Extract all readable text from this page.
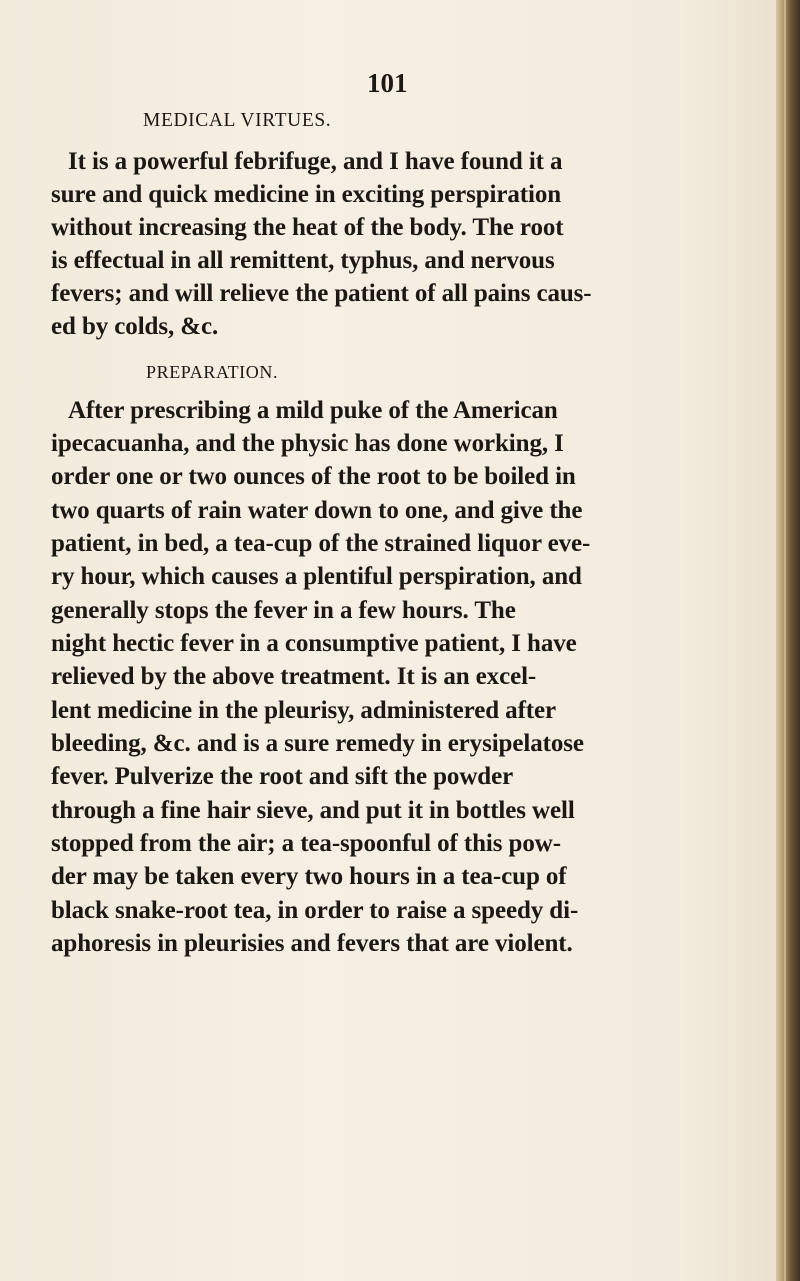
101
MEDICAL VIRTUES.
It is a powerful febrifuge, and I have found it a
sure and quick medicine in exciting perspiration
without increasing the heat of the body. The root
is effectual in all remittent, typhus, and nervous
fevers; and will relieve the patient of all pains caus-
ed by colds, &c.
PREPARATION.
After prescribing a mild puke of the American
ipecacuanha, and the physic has done working, I
order one or two ounces of the root to be boiled in
two quarts of rain water down to one, and give the
patient, in bed, a tea-cup of the strained liquor eve-
ry hour, which causes a plentiful perspiration, and
generally stops the fever in a few hours. The
night hectic fever in a consumptive patient, I have
relieved by the above treatment. It is an excel-
lent medicine in the pleurisy, administered after
bleeding, &c. and is a sure remedy in erysipelatose
fever. Pulverize the root and sift the powder
through a fine hair sieve, and put it in bottles well
stopped from the air; a tea-spoonful of this pow-
der may be taken every two hours in a tea-cup of
black snake-root tea, in order to raise a speedy di-
aphoresis in pleurisies and fevers that are violent.
